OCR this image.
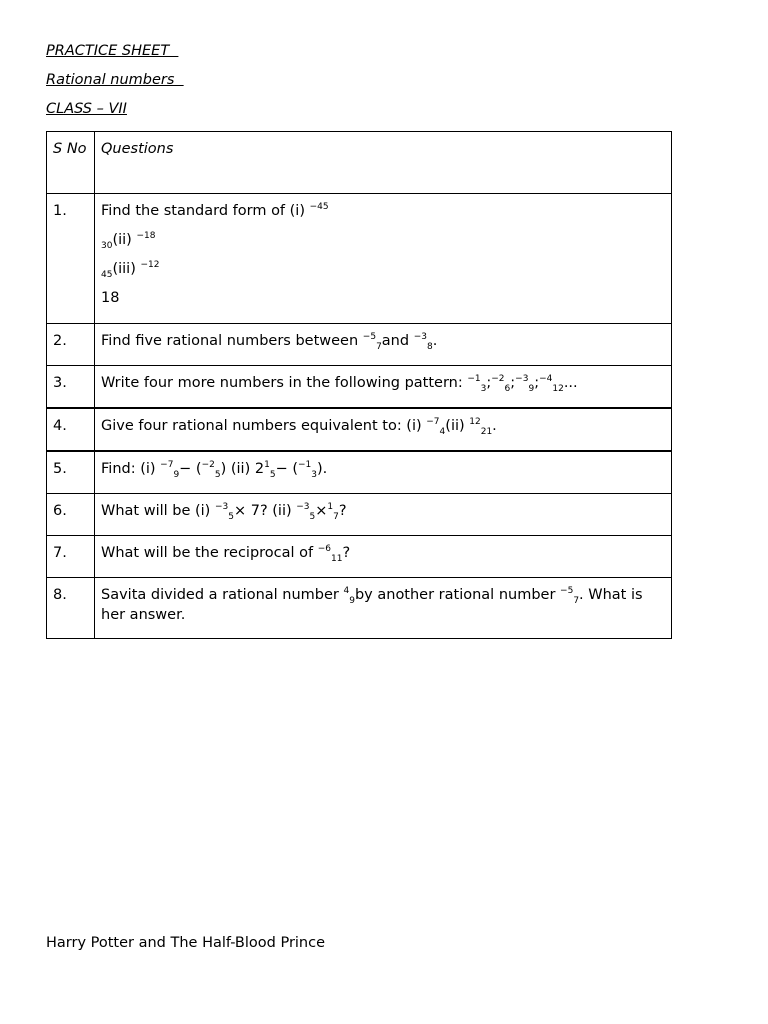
PRACTICE SHEET

Rational numbers

CLASS – VII

S No	Questions
1.	Find the standard form of (i) $^{-45}$
$_{30}$(ii) $^{-18}$
$_{45}$(iii) $^{-12}$
18

2.	Find five rational numbers between $^{-5}_7$and $^{-3}_8$.
3.	Write four more numbers in the following pattern: $^{-1}_3$;$^{-2}_6$;$^{-3}_9$;$^{-4}_{12}$...
4.	Give four rational numbers equivalent to: (i) $^{-7}_4$(ii) $^{12}_{21}$.
5.	Find: (i) $^{-7}_9$− ($^{-2}_5$) (ii) $2^1_5- (^{-1}_3)$.
6.	What will be (i) $^{-3}_5$× 7? (ii) $^{-3}_5$×$^1_7$?
7.	What will be the reciprocal of $^{-6}_{11}$?
8.	Savita divided a rational number $^4_9$by another rational number $^{-5}_7$. What is her answer.

Harry Potter and The Half-Blood Prince
